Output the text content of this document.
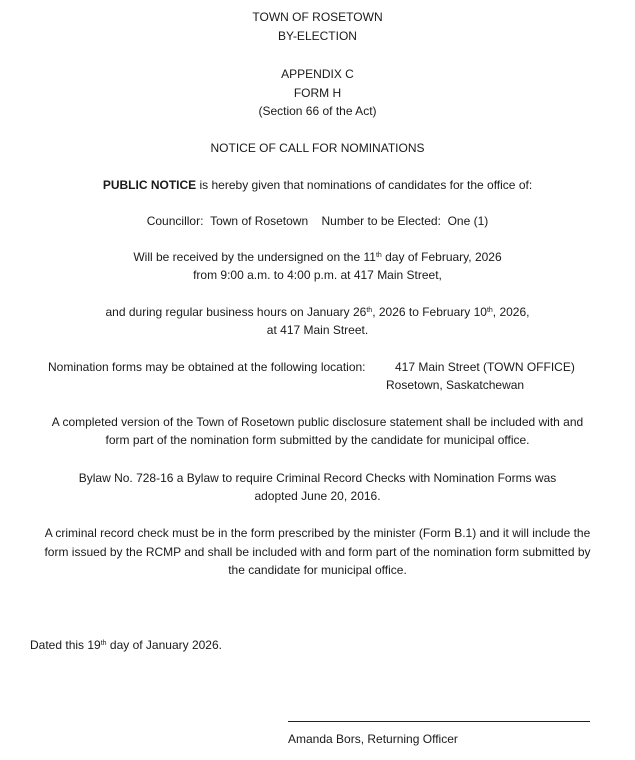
TOWN OF ROSETOWN
BY-ELECTION
APPENDIX C
FORM H
(Section 66 of the Act)
NOTICE OF CALL FOR NOMINATIONS
PUBLIC NOTICE is hereby given that nominations of candidates for the office of:
Councillor: Town of Rosetown Number to be Elected: One (1)
Will be received by the undersigned on the 11th day of February, 2026
from 9:00 a.m. to 4:00 p.m. at 417 Main Street,
and during regular business hours on January 26th, 2026 to February 10th, 2026,
at 417 Main Street.
Nomination forms may be obtained at the following location: 417 Main Street (TOWN OFFICE)
Rosetown, Saskatchewan
A completed version of the Town of Rosetown public disclosure statement shall be included with and
form part of the nomination form submitted by the candidate for municipal office.
Bylaw No. 728-16 a Bylaw to require Criminal Record Checks with Nomination Forms was
adopted June 20, 2016.
A criminal record check must be in the form prescribed by the minister (Form B.1) and it will include the
form issued by the RCMP and shall be included with and form part of the nomination form submitted by
the candidate for municipal office.
Dated this 19th day of January 2026.
Amanda Bors, Returning Officer
